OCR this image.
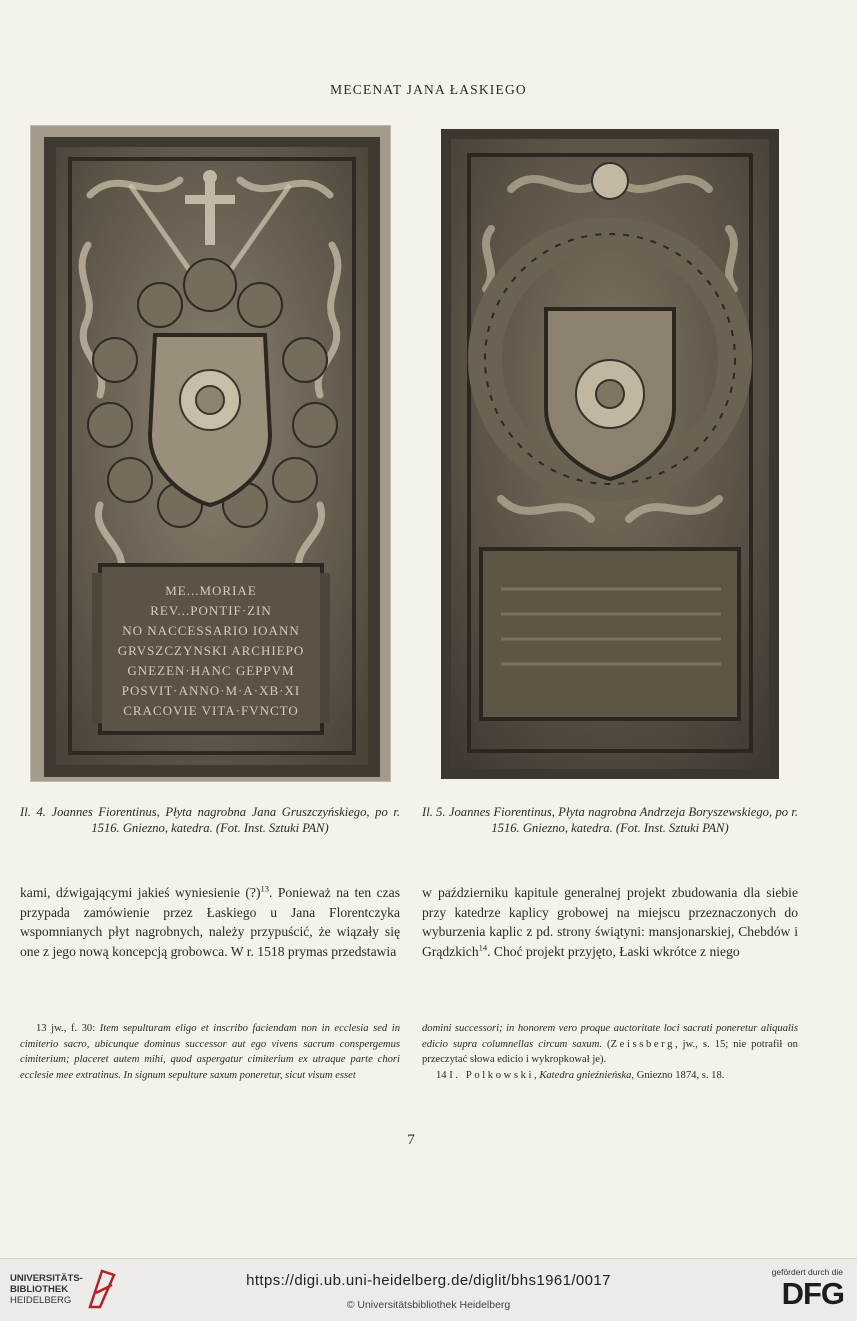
MECENAT JANA ŁASKIEGO
ME...MORIAE
REV...PONTIF·ZIN
NO NACCESSARIO IOANN
GRVSZCZYNSKI ARCHIEPO
GNEZEN·HANC GEPPVM
POSVIT·ANNO·M·A·XB·XI
CRACOVIE VITA·FVNCTO
Il. 4. Joannes Fiorentinus, Płyta nagrobna Jana Gruszczyńskiego, po r. 1516. Gniezno, katedra. (Fot. Inst. Sztuki PAN)
Il. 5. Joannes Fiorentinus, Płyta nagrobna Andrzeja Boryszewskiego, po r. 1516. Gniezno, katedra. (Fot. Inst. Sztuki PAN)
kami, dźwigającymi jakieś wyniesienie (?)$^{13}$. Ponieważ na ten czas przypada zamówienie przez Łaskiego u Jana Florentczyka wspomnianych płyt nagrobnych, należy przypuścić, że wiązały się one z jego nową koncepcją grobowca. W r. 1518 prymas przedstawia
w październiku kapitule generalnej projekt zbudowania dla siebie przy katedrze kaplicy grobowej na miejscu przeznaczonych do wyburzenia kaplic z pd. strony świątyni: mansjonarskiej, Chebdów i Grądzkich$^{14}$. Choć projekt przyjęto, Łaski wkrótce z niego

13 jw., f. 30: Item sepulturam eligo et inscribo faciendam non in ecclesia sed in cimiterio sacro, ubicunque dominus successor aut ego vivens sacrum conspergemus cimiterium; placeret autem mihi, quod aspergatur cimiterium ex utraque parte chori ecclesie mee extratinus. In signum sepulture saxum poneretur, sicut visum esset

domini successori; in honorem vero proque auctoritate loci sacrati poneretur aliqualis edicio supra columnellas circum saxum. (Zeissberg, jw., s. 15; nie potrafił on przeczytać słowa edicio i wykropkował je).

14 I. Polkowski, Katedra gnieźnieńska, Gniezno 1874, s. 18.

7
UNIVERSITÄTS-
BIBLIOTHEK
HEIDELBERG
https://digi.ub.uni-heidelberg.de/diglit/bhs1961/0017
© Universitätsbibliothek Heidelberg
gefördert durch die
DFG
